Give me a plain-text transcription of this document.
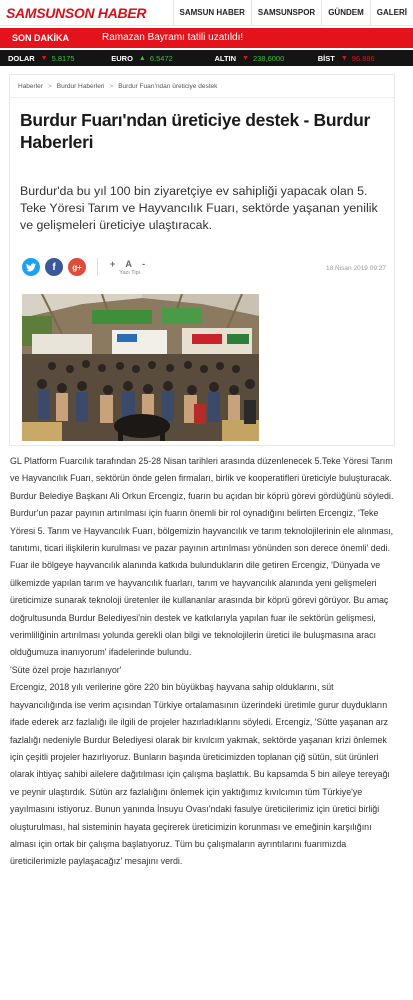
SAMSUNSON HABER	SAMSUN HABER	SAMSUNSPOR	GÜNDEM	GALERİ
SON DAKİKA	Ramazan Bayramı tatili uzatıldı!
DOLAR ▼ 5.8175	EURO ▲ 6.5472	ALTIN ▼ 238,6000	BİST ▼ 96.886
Haberler > Burdur Haberleri > Burdur Fuarı'ndan üreticiye destek
Burdur Fuarı'ndan üreticiye destek - Burdur Haberleri

Burdur'da bu yıl 100 bin ziyaretçiye ev sahipliği yapacak olan 5. Teke Yöresi Tarım ve Hayvancılık Fuarı, sektörde yaşanan yenilik ve gelişmeleri üreticiye ulaştıracak.

f	g+	+ A -
Yazı Tipi
18 Nisan 2019 09:27

GL Platform Fuarcılık tarafından 25-28 Nisan tarihleri arasında düzenlenecek 5.Teke Yöresi Tarım ve Hayvancılık Fuarı, sektörün önde gelen firmaları, birlik ve kooperatifleri üreticiyle buluşturacak. Burdur Belediye Başkanı Ali Orkun Ercengiz, fuarın bu açıdan bir köprü görevi gördüğünü söyledi. Burdur'un pazar payının artırılması için fuarın önemli bir rol oynadığını belirten Ercengiz, 'Teke Yöresi 5. Tarım ve Hayvancılık Fuarı, bölgemizin hayvancılık ve tarım teknolojilerinin ele alınması, tanıtımı, ticari ilişkilerin kurulması ve pazar payının artırılması yönünden son derece önemli' dedi.

Fuar ile bölgeye hayvancılık alanında katkıda bulundukların dile getiren Ercengiz, 'Dünyada ve ülkemizde yapılan tarım ve hayvancılık fuarları, tarım ve hayvancılık alanında yeni gelişmeleri üreticimize sunarak teknoloji üretenler ile kullananlar arasında bir köprü görevi görüyor. Bu amaç doğrultusunda Burdur Belediyesi'nin destek ve katkılarıyla yapılan fuar ile sektörün gelişmesi, verimliliğinin artırılması yolunda gerekli olan bilgi ve teknolojilerin üretici ile buluşmasına aracı olduğumuza inanıyorum' ifadelerinde bulundu.

'Süte özel proje hazırlanıyor'

Ercengiz, 2018 yılı verilerine göre 220 bin büyükbaş hayvana sahip olduklarını, süt hayvancılığında ise verim açısından Türkiye ortalamasının üzerindeki üretimle gurur duydukların ifade ederek arz fazlalığı ile ilgili de projeler hazırladıklarını söyledi. Ercengiz, 'Sütte yaşanan arz fazlalığı nedeniyle Burdur Belediyesi olarak bir kıvılcım yakmak, sektörde yaşanan krizi önlemek için çeşitli projeler hazırlıyoruz. Bunların başında üreticimizden toplanan çiğ sütün, süt ürünleri olarak ihtiyaç sahibi ailelere dağıtılması için çalışma başlattık. Bu kapsamda 5 bin aileye tereyağı ve peynir ulaştırdık. Sütün arz fazlalığını önlemek için yaktığımız kıvılcımın tüm Türkiye'ye yayılmasını istiyoruz. Bunun yanında İnsuyu Ovası'ndaki fasulye üreticilerimiz için üretici birliği oluşturulması, hal sisteminin hayata geçirerek üreticimizin korunması ve emeğinin karşılığını alması için ortak bir çalışma başlatıyoruz. Tüm bu çalışmaların ayrıntılarını fuarımızda üreticilerimizle paylaşacağız' mesajını verdi.
